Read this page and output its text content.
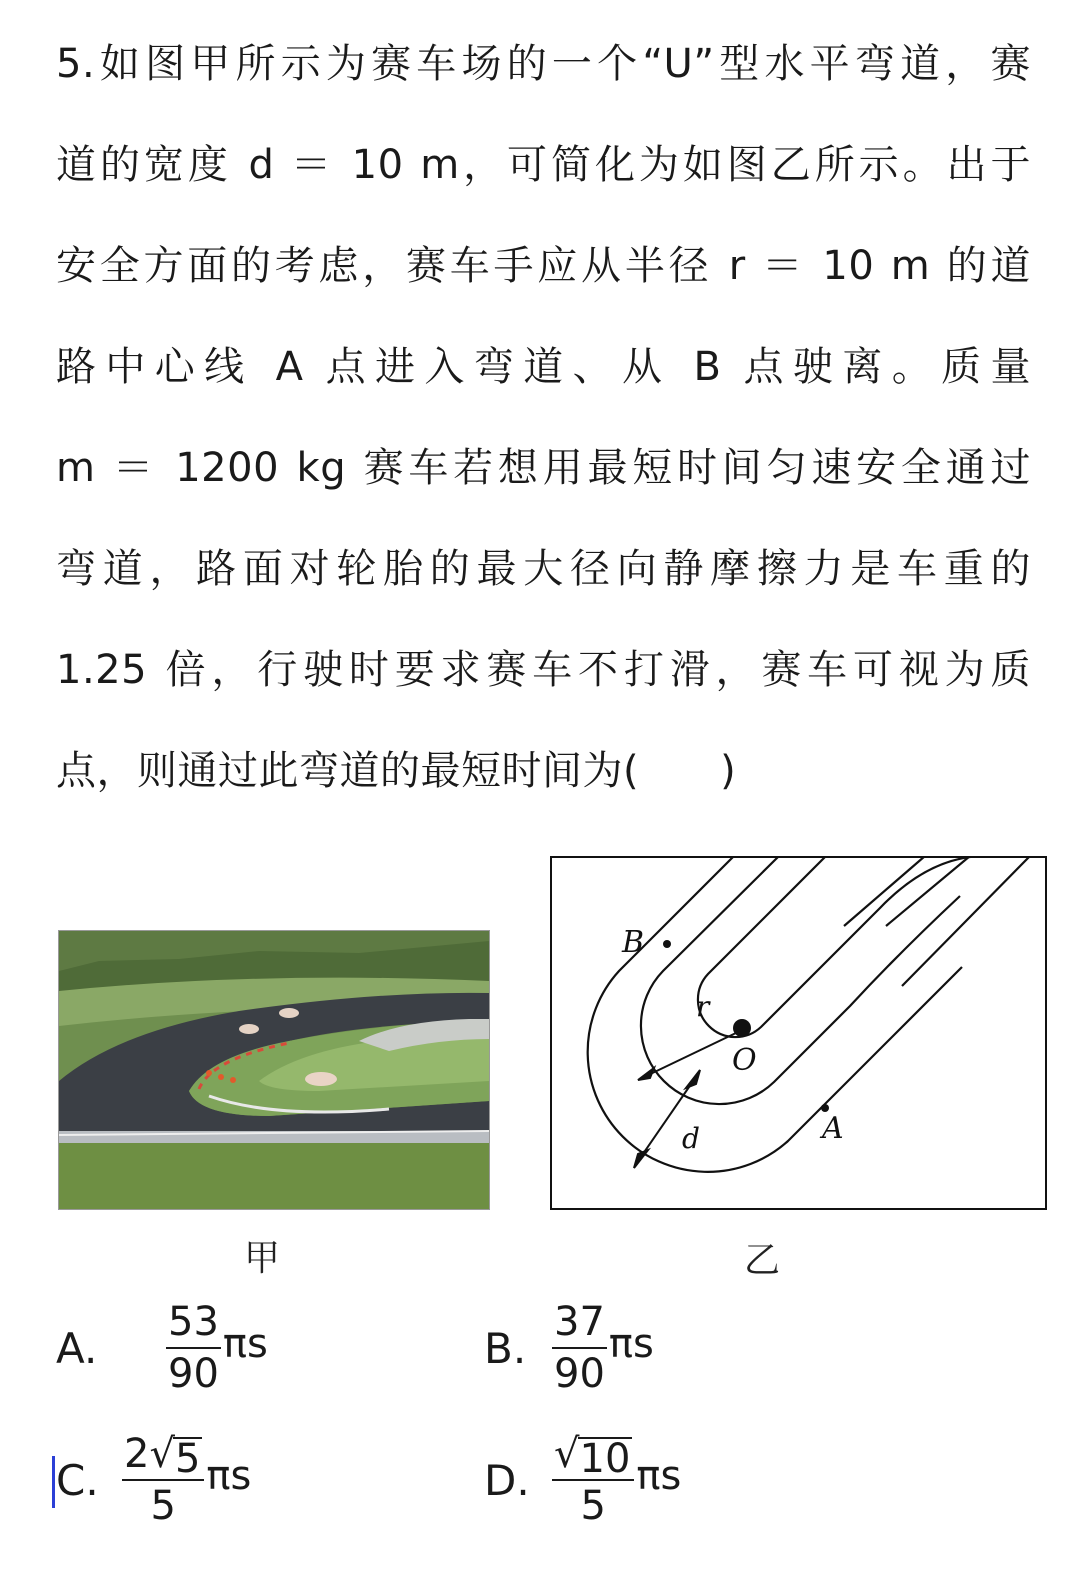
5.如图甲所示为赛车场的一个“U”型水平弯道，赛
道的宽度 d ＝ 10 m，可简化为如图乙所示。出于
安全方面的考虑，赛车手应从半径 r ＝ 10 m 的道
路中心线 A 点进入弯道、从 B 点驶离。质量
m ＝ 1200 kg 赛车若想用最短时间匀速安全通过
弯道，路面对轮胎的最大径向静摩擦力是车重的
1.25 倍，行驶时要求赛车不打滑，赛车可视为质
点，则通过此弯道的最短时间为(　　)
B
A
O
r
d
甲	乙
A.	$\frac{53}{90}$ πs	B. $\frac{37}{90}$ πs
C. $\frac{2 √ 5}{5}$ πs	D. $\frac{√ 10}{5}$ πs
